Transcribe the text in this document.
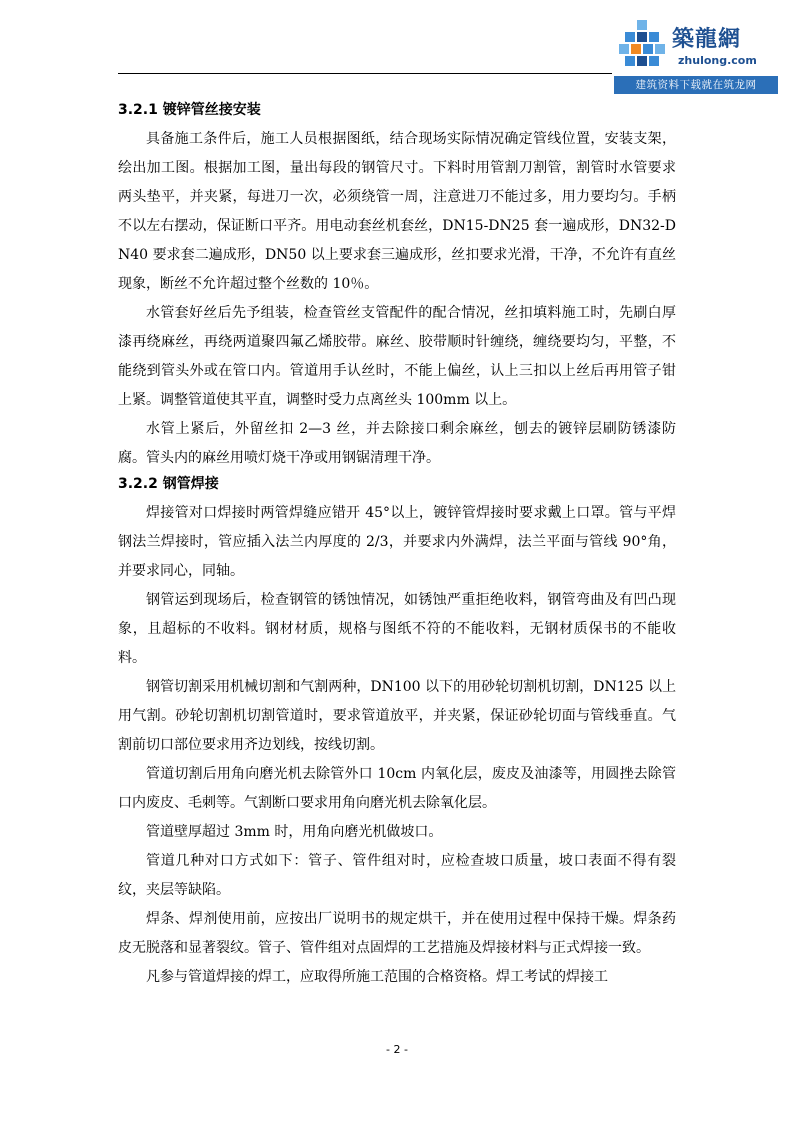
築龍網
zhulong.com
建筑资料下载就在筑龙网
3.2.1 镀锌管丝接安装

具备施工条件后，施工人员根据图纸，结合现场实际情况确定管线位置，安装支架，绘出加工图。根据加工图，量出每段的钢管尺寸。下料时用管割刀割管，割管时水管要求两头垫平，并夹紧，每进刀一次，必须绕管一周，注意进刀不能过多，用力要均匀。手柄不以左右摆动，保证断口平齐。用电动套丝机套丝，DN15-DN25 套一遍成形，DN32-DN40 要求套二遍成形，DN50 以上要求套三遍成形，丝扣要求光滑，干净，不允许有直丝现象，断丝不允许超过整个丝数的 10％。

水管套好丝后先予组装，检查管丝支管配件的配合情况，丝扣填料施工时，先刷白厚漆再绕麻丝，再绕两道聚四氟乙烯胶带。麻丝、胶带顺时针缠绕，缠绕要均匀，平整，不能绕到管头外或在管口内。管道用手认丝时，不能上偏丝，认上三扣以上丝后再用管子钳上紧。调整管道使其平直，调整时受力点离丝头 100mm 以上。

水管上紧后，外留丝扣 2—3 丝，并去除接口剩余麻丝，刨去的镀锌层刷防锈漆防腐。管头内的麻丝用喷灯烧干净或用钢锯清理干净。

3.2.2 钢管焊接

焊接管对口焊接时两管焊缝应错开 45°以上，镀锌管焊接时要求戴上口罩。管与平焊钢法兰焊接时，管应插入法兰内厚度的 2/3，并要求内外满焊，法兰平面与管线 90°角，并要求同心，同轴。

钢管运到现场后，检查钢管的锈蚀情况，如锈蚀严重拒绝收料，钢管弯曲及有凹凸现象，且超标的不收料。钢材材质，规格与图纸不符的不能收料，无钢材质保书的不能收料。

钢管切割采用机械切割和气割两种，DN100 以下的用砂轮切割机切割，DN125 以上用气割。砂轮切割机切割管道时，要求管道放平，并夹紧，保证砂轮切面与管线垂直。气割前切口部位要求用齐边划线，按线切割。

管道切割后用角向磨光机去除管外口 10cm 内氧化层，废皮及油漆等，用圆挫去除管口内废皮、毛刺等。气割断口要求用角向磨光机去除氧化层。

管道壁厚超过 3mm 时，用角向磨光机做坡口。

管道几种对口方式如下：管子、管件组对时，应检查坡口质量，坡口表面不得有裂纹，夹层等缺陷。

焊条、焊剂使用前，应按出厂说明书的规定烘干，并在使用过程中保持干燥。焊条药皮无脱落和显著裂纹。管子、管件组对点固焊的工艺措施及焊接材料与正式焊接一致。

凡参与管道焊接的焊工，应取得所施工范围的合格资格。焊工考试的焊接工

- 2 -
